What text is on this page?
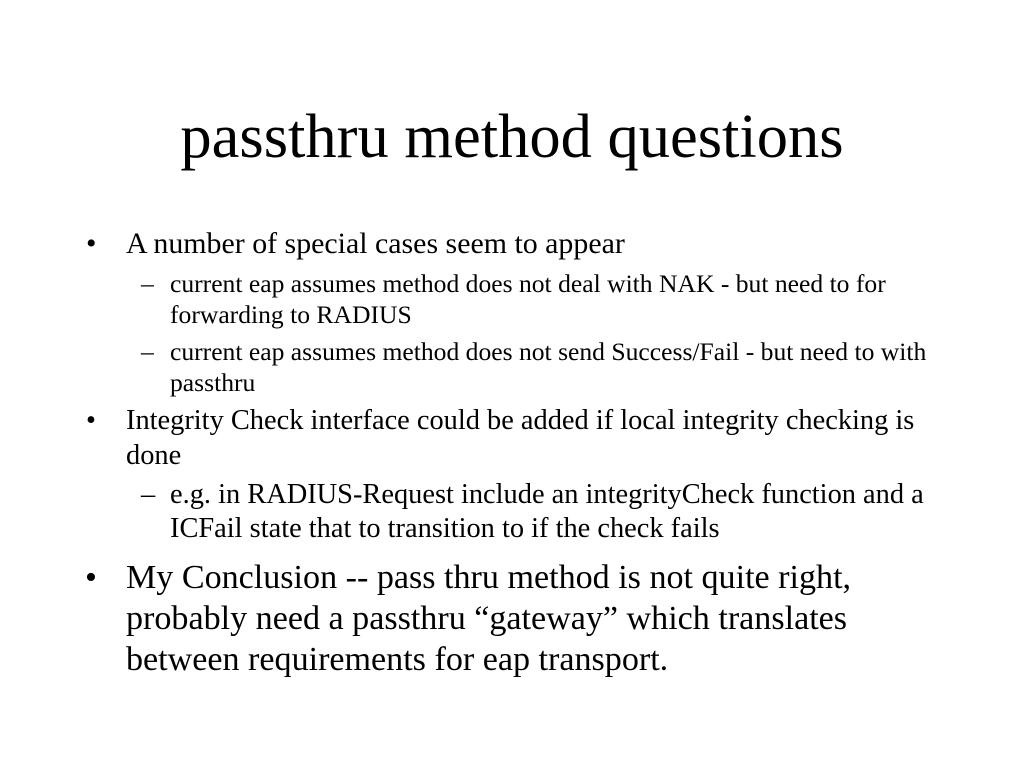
passthru method questions
• A number of special cases seem to appear
– current eap assumes method does not deal with NAK - but need to for forwarding to RADIUS
– current eap assumes method does not send Success/Fail - but need to with passthru
• Integrity Check interface could be added if local integrity checking is done
– e.g. in RADIUS-Request include an integrityCheck function and a ICFail state that to transition to if the check fails
• My Conclusion -- pass thru method is not quite right, probably need a passthru “gateway” which translates between requirements for eap transport.
